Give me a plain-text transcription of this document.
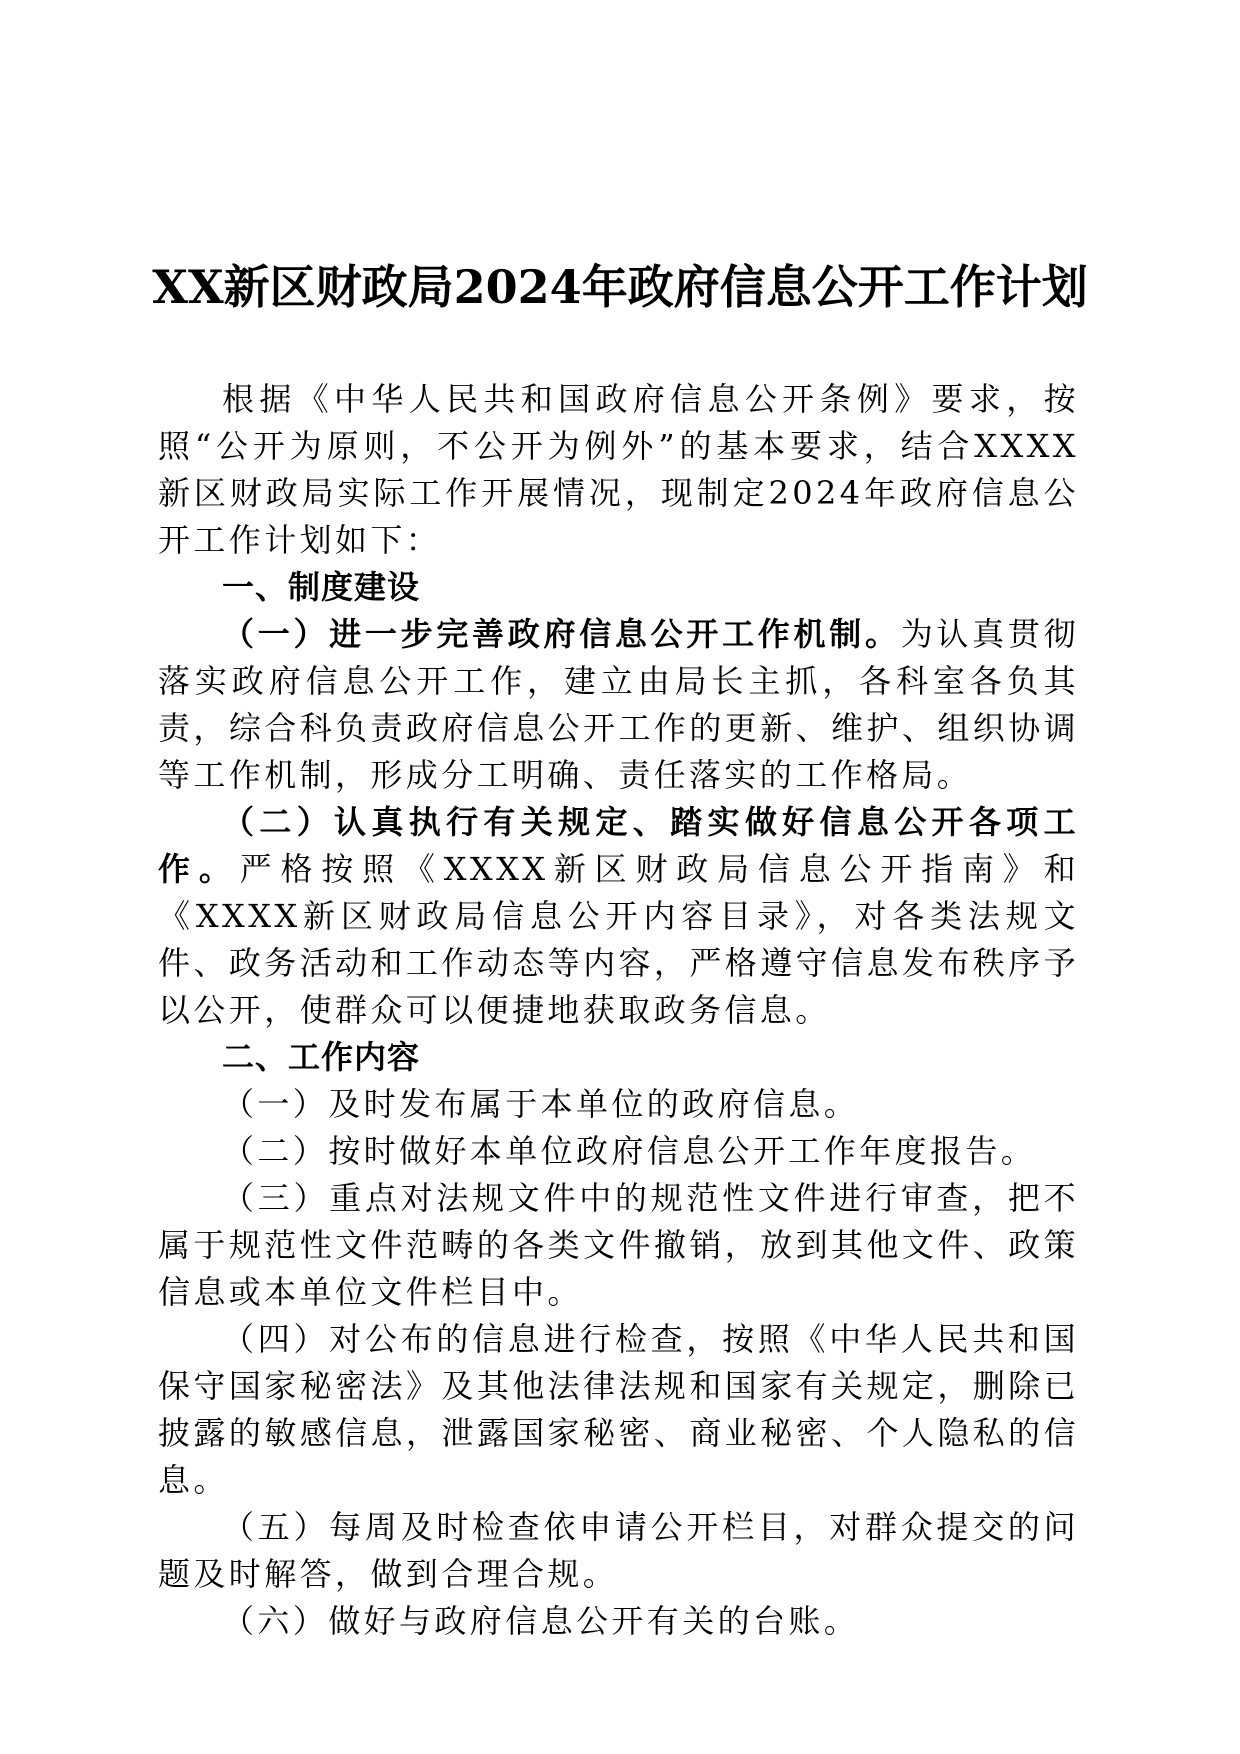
XX新区财政局2024年政府信息公开工作计划

根据《中华人民共和国政府信息公开条例》要求，按照“公开为原则，不公开为例外”的基本要求，结合XXXX新区财政局实际工作开展情况，现制定2024年政府信息公开工作计划如下：

一、制度建设

（一）进一步完善政府信息公开工作机制。为认真贯彻落实政府信息公开工作，建立由局长主抓，各科室各负其责，综合科负责政府信息公开工作的更新、维护、组织协调等工作机制，形成分工明确、责任落实的工作格局。

（二）认真执行有关规定、踏实做好信息公开各项工作。严格按照《XXXX新区财政局信息公开指南》和《XXXX新区财政局信息公开内容目录》，对各类法规文件、政务活动和工作动态等内容，严格遵守信息发布秩序予以公开，使群众可以便捷地获取政务信息。

二、工作内容

（一）及时发布属于本单位的政府信息。

（二）按时做好本单位政府信息公开工作年度报告。

（三）重点对法规文件中的规范性文件进行审查，把不属于规范性文件范畴的各类文件撤销，放到其他文件、政策信息或本单位文件栏目中。

（四）对公布的信息进行检查，按照《中华人民共和国保守国家秘密法》及其他法律法规和国家有关规定，删除已披露的敏感信息，泄露国家秘密、商业秘密、个人隐私的信息。

（五）每周及时检查依申请公开栏目，对群众提交的问题及时解答，做到合理合规。

（六）做好与政府信息公开有关的台账。
